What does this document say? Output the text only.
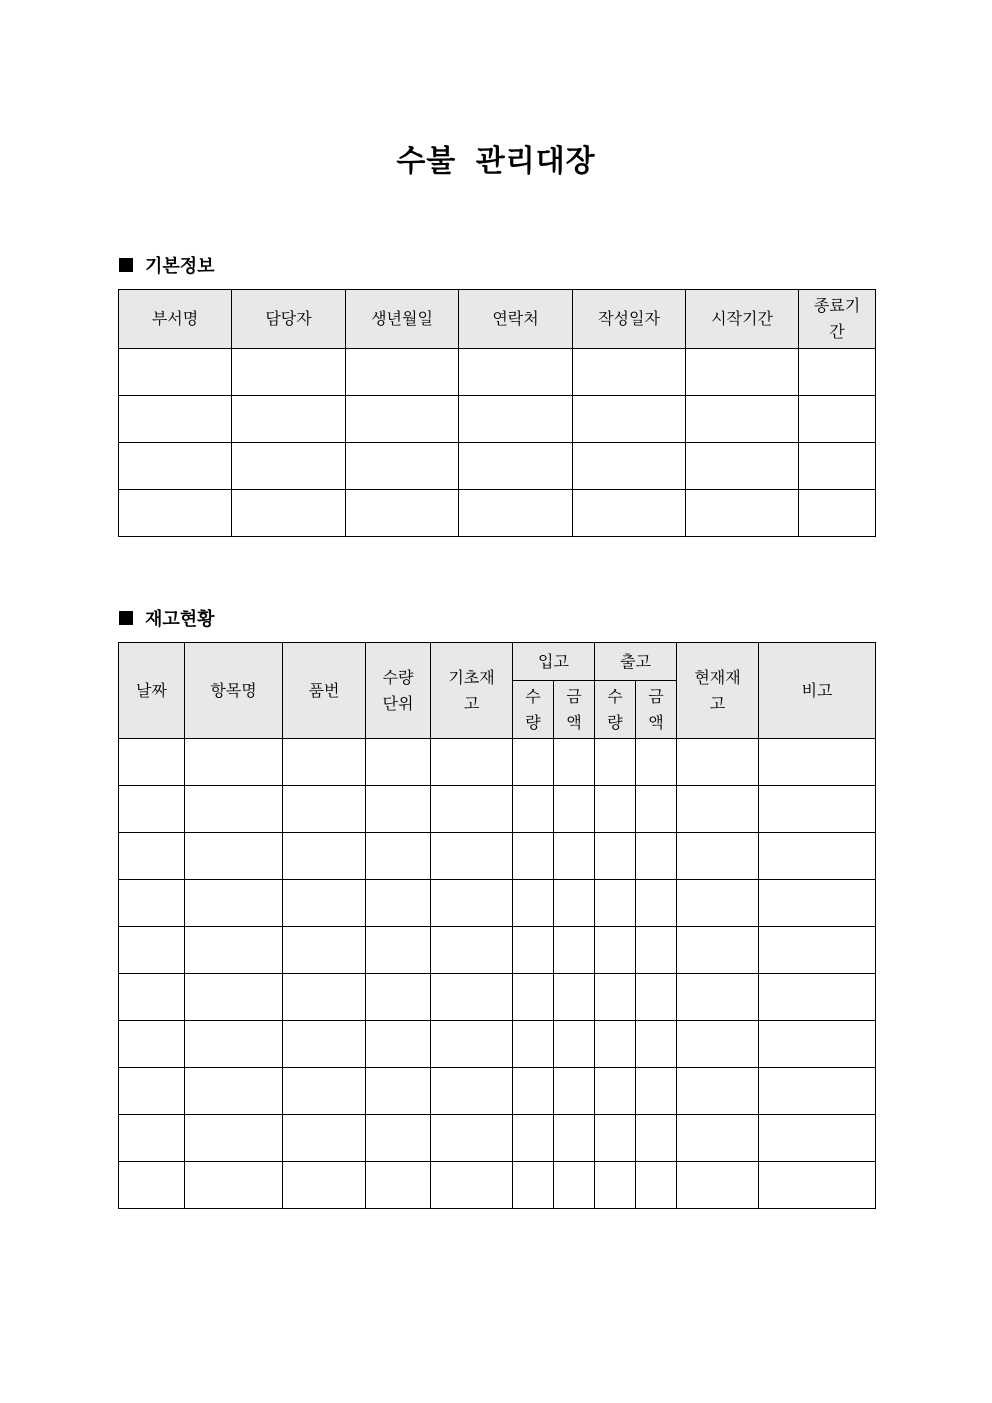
수불 관리대장
기본정보
부서명	담당자	생년월일	연락처	작성일자	시작기간	종료기간

재고현황
날짜	항목명	품번	수량단위	기초재고	입고		출고		현재재고	비고
					수량	금액	수량	금액		
